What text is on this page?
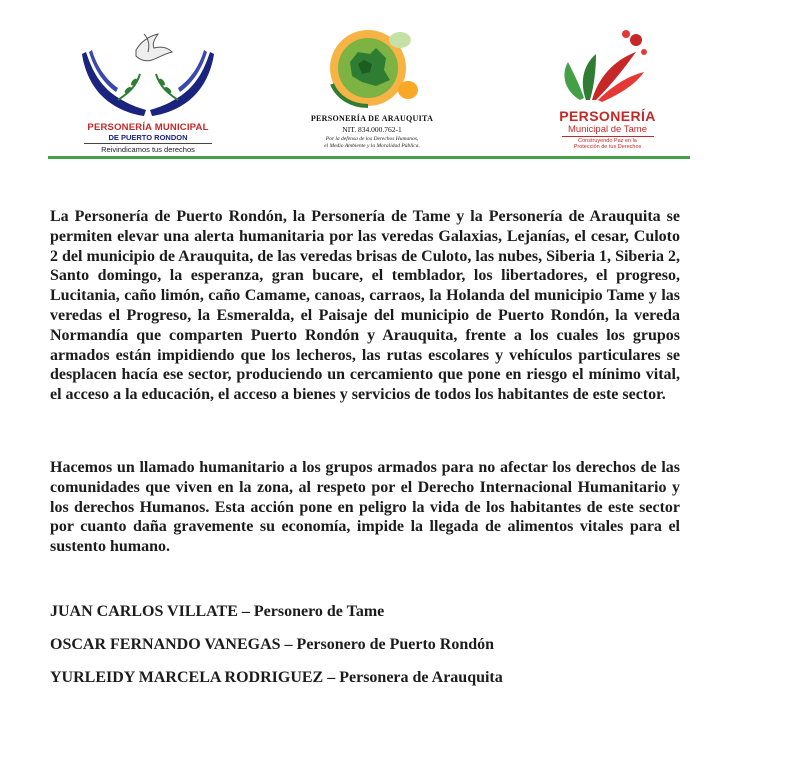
PERSONERÍA MUNICIPAL
DE PUERTO RONDON
Reivindicamos tus derechos
PERSONERÍA DE ARAUQUITA
NIT. 834.000.762-1
Por la defensa de los Derechos Humanos,
el Medio Ambiente y la Moralidad Pública.
PERSONERÍA
Municipal de Tame
Construyendo Paz en la
Protección de tus Derechos

La Personería de Puerto Rondón, la Personería de Tame y la Personería de Arauquita se permiten elevar una alerta humanitaria por las veredas Galaxias, Lejanías, el cesar, Culoto 2 del municipio de Arauquita, de las veredas brisas de Culoto, las nubes, Siberia 1, Siberia 2, Santo domingo, la esperanza, gran bucare, el temblador, los libertadores, el progreso, Lucitania, caño limón, caño Camame, canoas, carraos, la Holanda del municipio Tame y las veredas el Progreso, la Esmeralda, el Paisaje del municipio de Puerto Rondón, la vereda Normandía que comparten Puerto Rondón y Arauquita, frente a los cuales los grupos armados están impidiendo que los lecheros, las rutas escolares y vehículos particulares se desplacen hacía ese sector, produciendo un cercamiento que pone en riesgo el mínimo vital, el acceso a la educación, el acceso a bienes y servicios de todos los habitantes de este sector.

Hacemos un llamado humanitario a los grupos armados para no afectar los derechos de las comunidades que viven en la zona, al respeto por el Derecho Internacional Humanitario y los derechos Humanos. Esta acción pone en peligro la vida de los habitantes de este sector por cuanto daña gravemente su economía, impide la llegada de alimentos vitales para el sustento humano.

JUAN CARLOS VILLATE – Personero de Tame
OSCAR FERNANDO VANEGAS – Personero de Puerto Rondón
YURLEIDY MARCELA RODRIGUEZ – Personera de Arauquita
